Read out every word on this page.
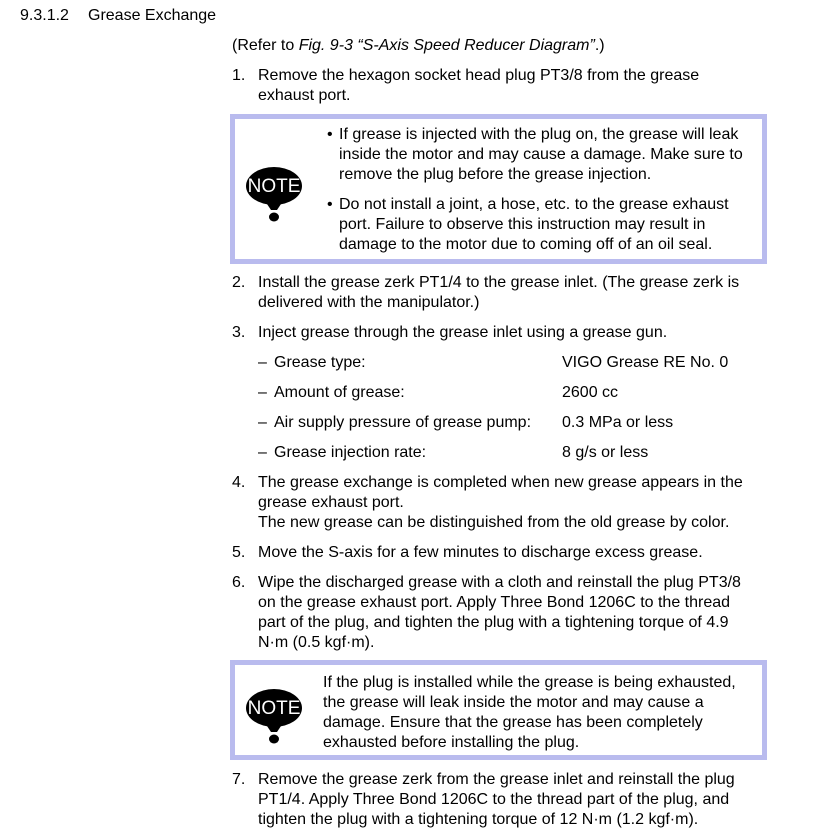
9.3.1.2 Grease Exchange
(Refer to Fig. 9-3 “S-Axis Speed Reducer Diagram”.)
1. Remove the hexagon socket head plug PT3/8 from the grease
exhaust port.
NOTE
• If grease is injected with the plug on, the grease will leak
inside the motor and may cause a damage. Make sure to
remove the plug before the grease injection.
• Do not install a joint, a hose, etc. to the grease exhaust
port. Failure to observe this instruction may result in
damage to the motor due to coming off of an oil seal.
2. Install the grease zerk PT1/4 to the grease inlet. (The grease zerk is
delivered with the manipulator.)
3. Inject grease through the grease inlet using a grease gun.
– Grease type:	VIGO Grease RE No. 0
– Amount of grease:	2600 cc
– Air supply pressure of grease pump: 0.3 MPa or less
– Grease injection rate:	8 g/s or less
4. The grease exchange is completed when new grease appears in the
grease exhaust port.
The new grease can be distinguished from the old grease by color.
5. Move the S-axis for a few minutes to discharge excess grease.
6. Wipe the discharged grease with a cloth and reinstall the plug PT3/8
on the grease exhaust port. Apply Three Bond 1206C to the thread
part of the plug, and tighten the plug with a tightening torque of 4.9
N·m (0.5 kgf·m).
NOTE
If the plug is installed while the grease is being exhausted,
the grease will leak inside the motor and may cause a
damage. Ensure that the grease has been completely
exhausted before installing the plug.
7. Remove the grease zerk from the grease inlet and reinstall the plug
PT1/4. Apply Three Bond 1206C to the thread part of the plug, and
tighten the plug with a tightening torque of 12 N·m (1.2 kgf·m).
